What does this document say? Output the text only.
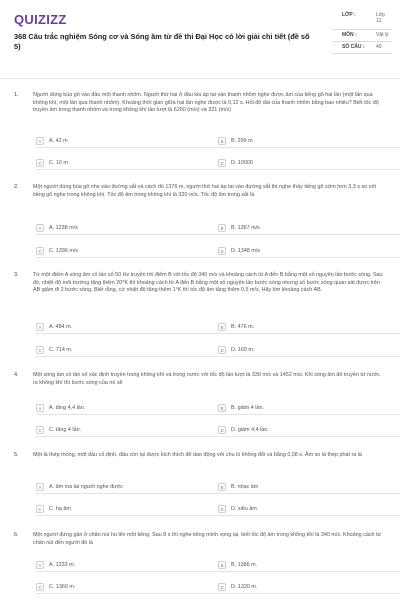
QUIZIZZ
368 Câu trắc nghiệm Sóng cơ và Sóng âm từ đề thi Đại Học có lời giải chi tiết (đề số 5)
LỚP :	Lớp 12
MÔN :	Vật lý
SỐ CÂU : 40
1.	Người dùng búa gõ vào đầu một thanh nhôm. Người thứ hai ở đầu kia áp tai vào thanh nhôm nghe được âm của tiếng gõ hai lần (một lần qua không khí, một lần qua thanh nhôm). Khoảng thời gian giữa hai lần nghe được là 0,12 s. Hỏi độ dài của thanh nhôm bằng bao nhiêu? Biết tốc độ truyền âm trong thanh nhôm và trong không khí lần lượt là 6260 (m/s) và 331 (m/s)
A	A. 42 m	B	B. 299 m
C	C. 10 m	D	D. 10000
2.	Một người dùng búa gõ nhẹ vào đường sắt và cách đó 1376 m, người thứ hai áp tai vào đường sắt thì nghe thấy tiếng gõ sớm hơn 3,3 s so với tiếng gõ nghe trong không khí. Tốc độ âm trong không khí là 320 m/s. Tốc độ âm trong sắt là
A	A. 1238 m/s	B	B. 1367 m/s
C	C. 1336 m/s	D	D. 1348 m/s
3.	Từ một điểm A sóng âm có tần số 50 Hz truyền tới điểm B với tốc độ 340 m/s và khoảng cách từ A đến B bằng một số nguyên lần bước sóng. Sau đó, nhiệt độ môi trường tăng thêm 20°K thì khoảng cách từ A đến B bằng một số nguyên lần bước sóng nhưng số bước sóng quan sát được trên AB giảm đi 2 bước sóng. Biết rằng, cứ nhiệt độ tăng thêm 1°K thì tốc độ âm tăng thêm 0,5 m/s. Hãy tìm khoảng cách AB.
A	A. 484 m.	B	B. 476 m.
C	C. 714 m.	D	D. 160 m.
4.	Một sóng âm có tần số xác định truyền trong không khí và trong nước với tốc độ lần lượt là 330 m/s và 1452 m/s. Khi sóng âm đó truyền từ nước ra không khí thì bước sóng của nó sẽ
A	A. tăng 4,4 lần.	B	B. giảm 4 lần.
C	C. tăng 4 lần.	D	D. giảm 4,4 lần.
5.	Một lá thép mỏng, một đầu cố định, đầu còn lại được kích thích để dao động với chu kì không đổi và bằng 0,08 s. Âm so lá thép phát ra là
A	A. âm mà tai người nghe được	B	B. nhạc âm
C	C. hạ âm	D	D. siêu âm
6.	Một người đứng gần ở chân núi hú lên một tiếng. Sau 8 s thì nghe tiếng mình vọng lại, biết tốc độ âm trong không khí là 340 m/s. Khoảng cách từ chân núi đến người đó là
A	A. 1333 m.	B	B. 1386 m.
C	C. 1360 m.	D	D. 1320 m.
